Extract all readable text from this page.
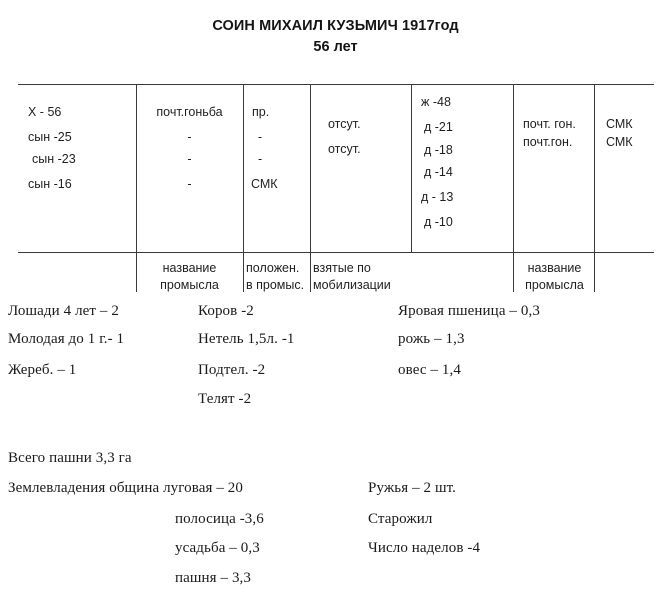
СОИН МИХАИЛ КУЗЬМИЧ 1917год
56 лет
X - 56
сын -25
сын -23
сын -16
почт.гоньба
-
-
-
пр.
-
-
СМК
отсут.
отсут.
ж -48
д -21
д -18
д -14
д - 13
д -10
почт. гон.
почт.гон.
СМК
СМК
название
промысла
положен.
в промыс.
взятые по
мобилизации
название
промысла
Лошади 4 лет – 2
Молодая до 1 г.- 1
Жереб. – 1
Коров -2
Нетель 1,5л. -1
Подтел. -2
Телят -2
Яровая пшеница – 0,3
рожь – 1,3
овес – 1,4
Всего пашни 3,3 га
Землевладения община луговая – 20
полосица -3,6
усадьба – 0,3
пашня – 3,3
Ружья – 2 шт.
Старожил
Число наделов -4
